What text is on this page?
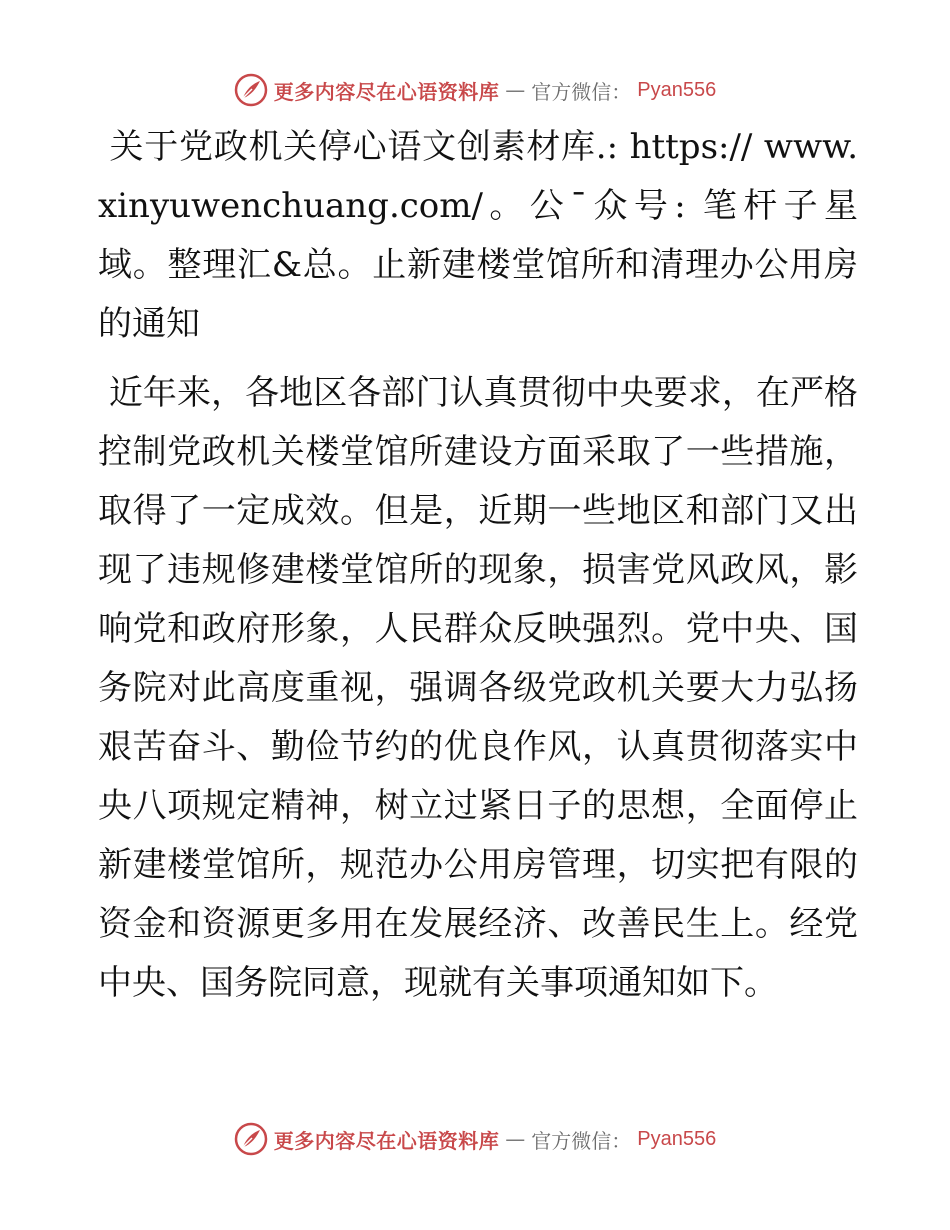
更多内容尽在心语资料库 — 官方微信： Pyan556

关于党政机关停心语文创素材库.: https:// www.xinyuwenchuang.com/。公¯众号: 笔杆子星域。整理汇&总。止新建楼堂馆所和清理办公用房的通知

近年来，各地区各部门认真贯彻中央要求，在严格控制党政机关楼堂馆所建设方面采取了一些措施，取得了一定成效。但是，近期一些地区和部门又出现了违规修建楼堂馆所的现象，损害党风政风，影响党和政府形象，人民群众反映强烈。党中央、国务院对此高度重视，强调各级党政机关要大力弘扬艰苦奋斗、勤俭节约的优良作风，认真贯彻落实中央八项规定精神，树立过紧日子的思想，全面停止新建楼堂馆所，规范办公用房管理，切实把有限的资金和资源更多用在发展经济、改善民生上。经党中央、国务院同意，现就有关事项通知如下。

更多内容尽在心语资料库 — 官方微信： Pyan556
